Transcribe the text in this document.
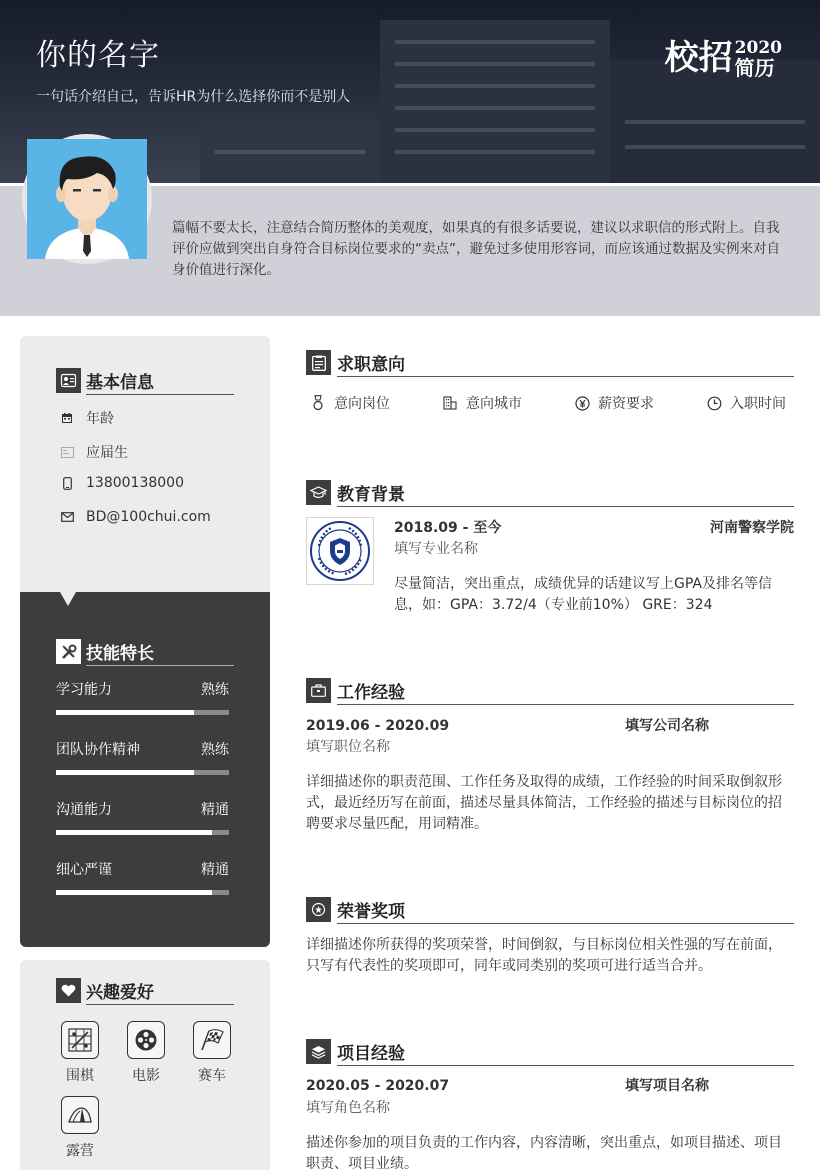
你的名字
一句话介绍自己，告诉HR为什么选择你而不是别人
校招 2020
简历
篇幅不要太长，注意结合简历整体的美观度，如果真的有很多话要说，建议以求职信的形式附上。自我评价应做到突出自身符合目标岗位要求的“卖点”，避免过多使用形容词，而应该通过数据及实例来对自身价值进行深化。
基本信息
年龄
应届生
13800138000
BD@100chui.com
技能特长
学习能力	熟练
团队协作精神	熟练
沟通能力	精通
细心严谨	精通
兴趣爱好
围棋	电影	赛车
露营
求职意向
意向岗位	意向城市	薪资要求	入职时间
教育背景
2018.09 - 至今	河南警察学院
填写专业名称
尽量简洁，突出重点，成绩优异的话建议写上GPA及排名等信息，如：GPA：3.72/4（专业前10%） GRE：324
工作经验
2019.06 - 2020.09	填写公司名称
填写职位名称
详细描述你的职责范围、工作任务及取得的成绩，工作经验的时间采取倒叙形式，最近经历写在前面，描述尽量具体简洁，工作经验的描述与目标岗位的招聘要求尽量匹配，用词精准。
荣誉奖项
详细描述你所获得的奖项荣誉，时间倒叙，与目标岗位相关性强的写在前面，只写有代表性的奖项即可，同年或同类别的奖项可进行适当合并。
项目经验
2020.05 - 2020.07	填写项目名称
填写角色名称
描述你参加的项目负责的工作内容，内容清晰，突出重点，如项目描述、项目职责、项目业绩。
